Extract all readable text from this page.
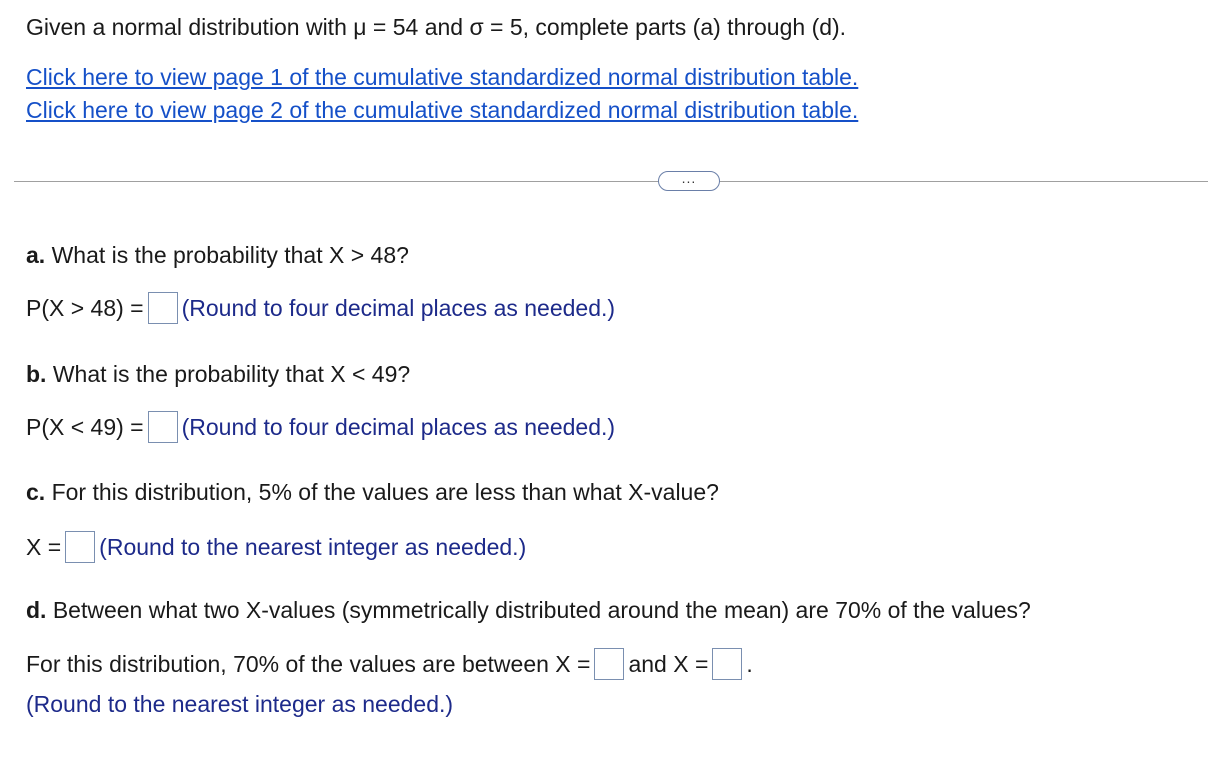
Given a normal distribution with μ = 54 and σ = 5, complete parts (a) through (d).
Click here to view page 1 of the cumulative standardized normal distribution table.
Click here to view page 2 of the cumulative standardized normal distribution table.
...
a. What is the probability that X > 48?
P(X > 48) = (Round to four decimal places as needed.)
b. What is the probability that X < 49?
P(X < 49) = (Round to four decimal places as needed.)
c. For this distribution, 5% of the values are less than what X-value?
X = (Round to the nearest integer as needed.)
d. Between what two X-values (symmetrically distributed around the mean) are 70% of the values?
For this distribution, 70% of the values are between X = and X = .
(Round to the nearest integer as needed.)
